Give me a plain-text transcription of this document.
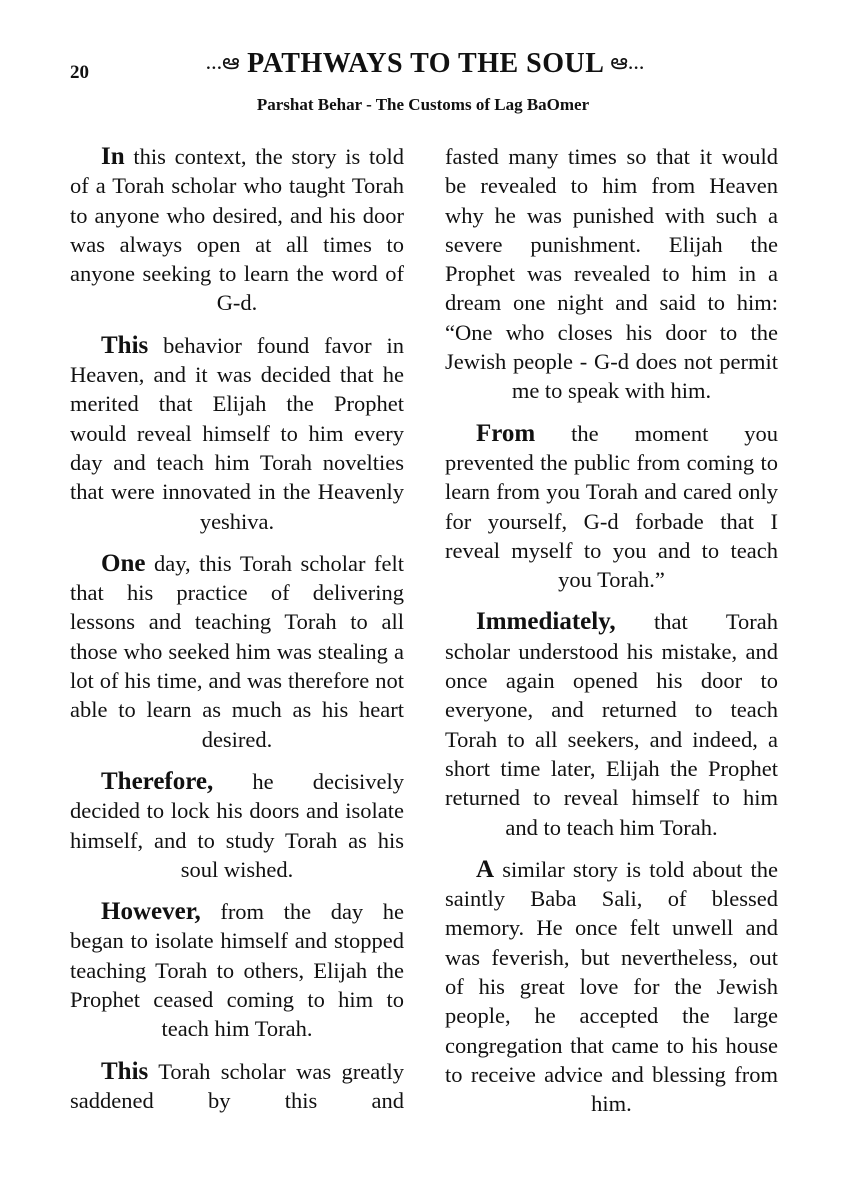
20	...ఆ PATHWAYS TO THE SOUL ఆ...
Parshat Behar - The Customs of Lag BaOmer

In this context, the story is told of a Torah scholar who taught Torah to anyone who desired, and his door was always open at all times to anyone seeking to learn the word of G-d.

This behavior found favor in Heaven, and it was decided that he merited that Elijah the Prophet would reveal himself to him every day and teach him Torah novelties that were innovated in the Heavenly yeshiva.

One day, this Torah scholar felt that his practice of delivering lessons and teaching Torah to all those who seeked him was stealing a lot of his time, and was therefore not able to learn as much as his heart desired.

Therefore, he decisively decided to lock his doors and isolate himself, and to study Torah as his soul wished.

However, from the day he began to isolate himself and stopped teaching Torah to others, Elijah the Prophet ceased coming to him to teach him Torah.

This Torah scholar was greatly saddened by this and

fasted many times so that it would be revealed to him from Heaven why he was punished with such a severe punishment. Elijah the Prophet was revealed to him in a dream one night and said to him: “One who closes his door to the Jewish people - G-d does not permit me to speak with him.

From the moment you prevented the public from coming to learn from you Torah and cared only for yourself, G-d forbade that I reveal myself to you and to teach you Torah.”

Immediately, that Torah scholar understood his mistake, and once again opened his door to everyone, and returned to teach Torah to all seekers, and indeed, a short time later, Elijah the Prophet returned to reveal himself to him and to teach him Torah.

A similar story is told about the saintly Baba Sali, of blessed memory. He once felt unwell and was feverish, but nevertheless, out of his great love for the Jewish people, he accepted the large congregation that came to his house to receive advice and blessing from him.
